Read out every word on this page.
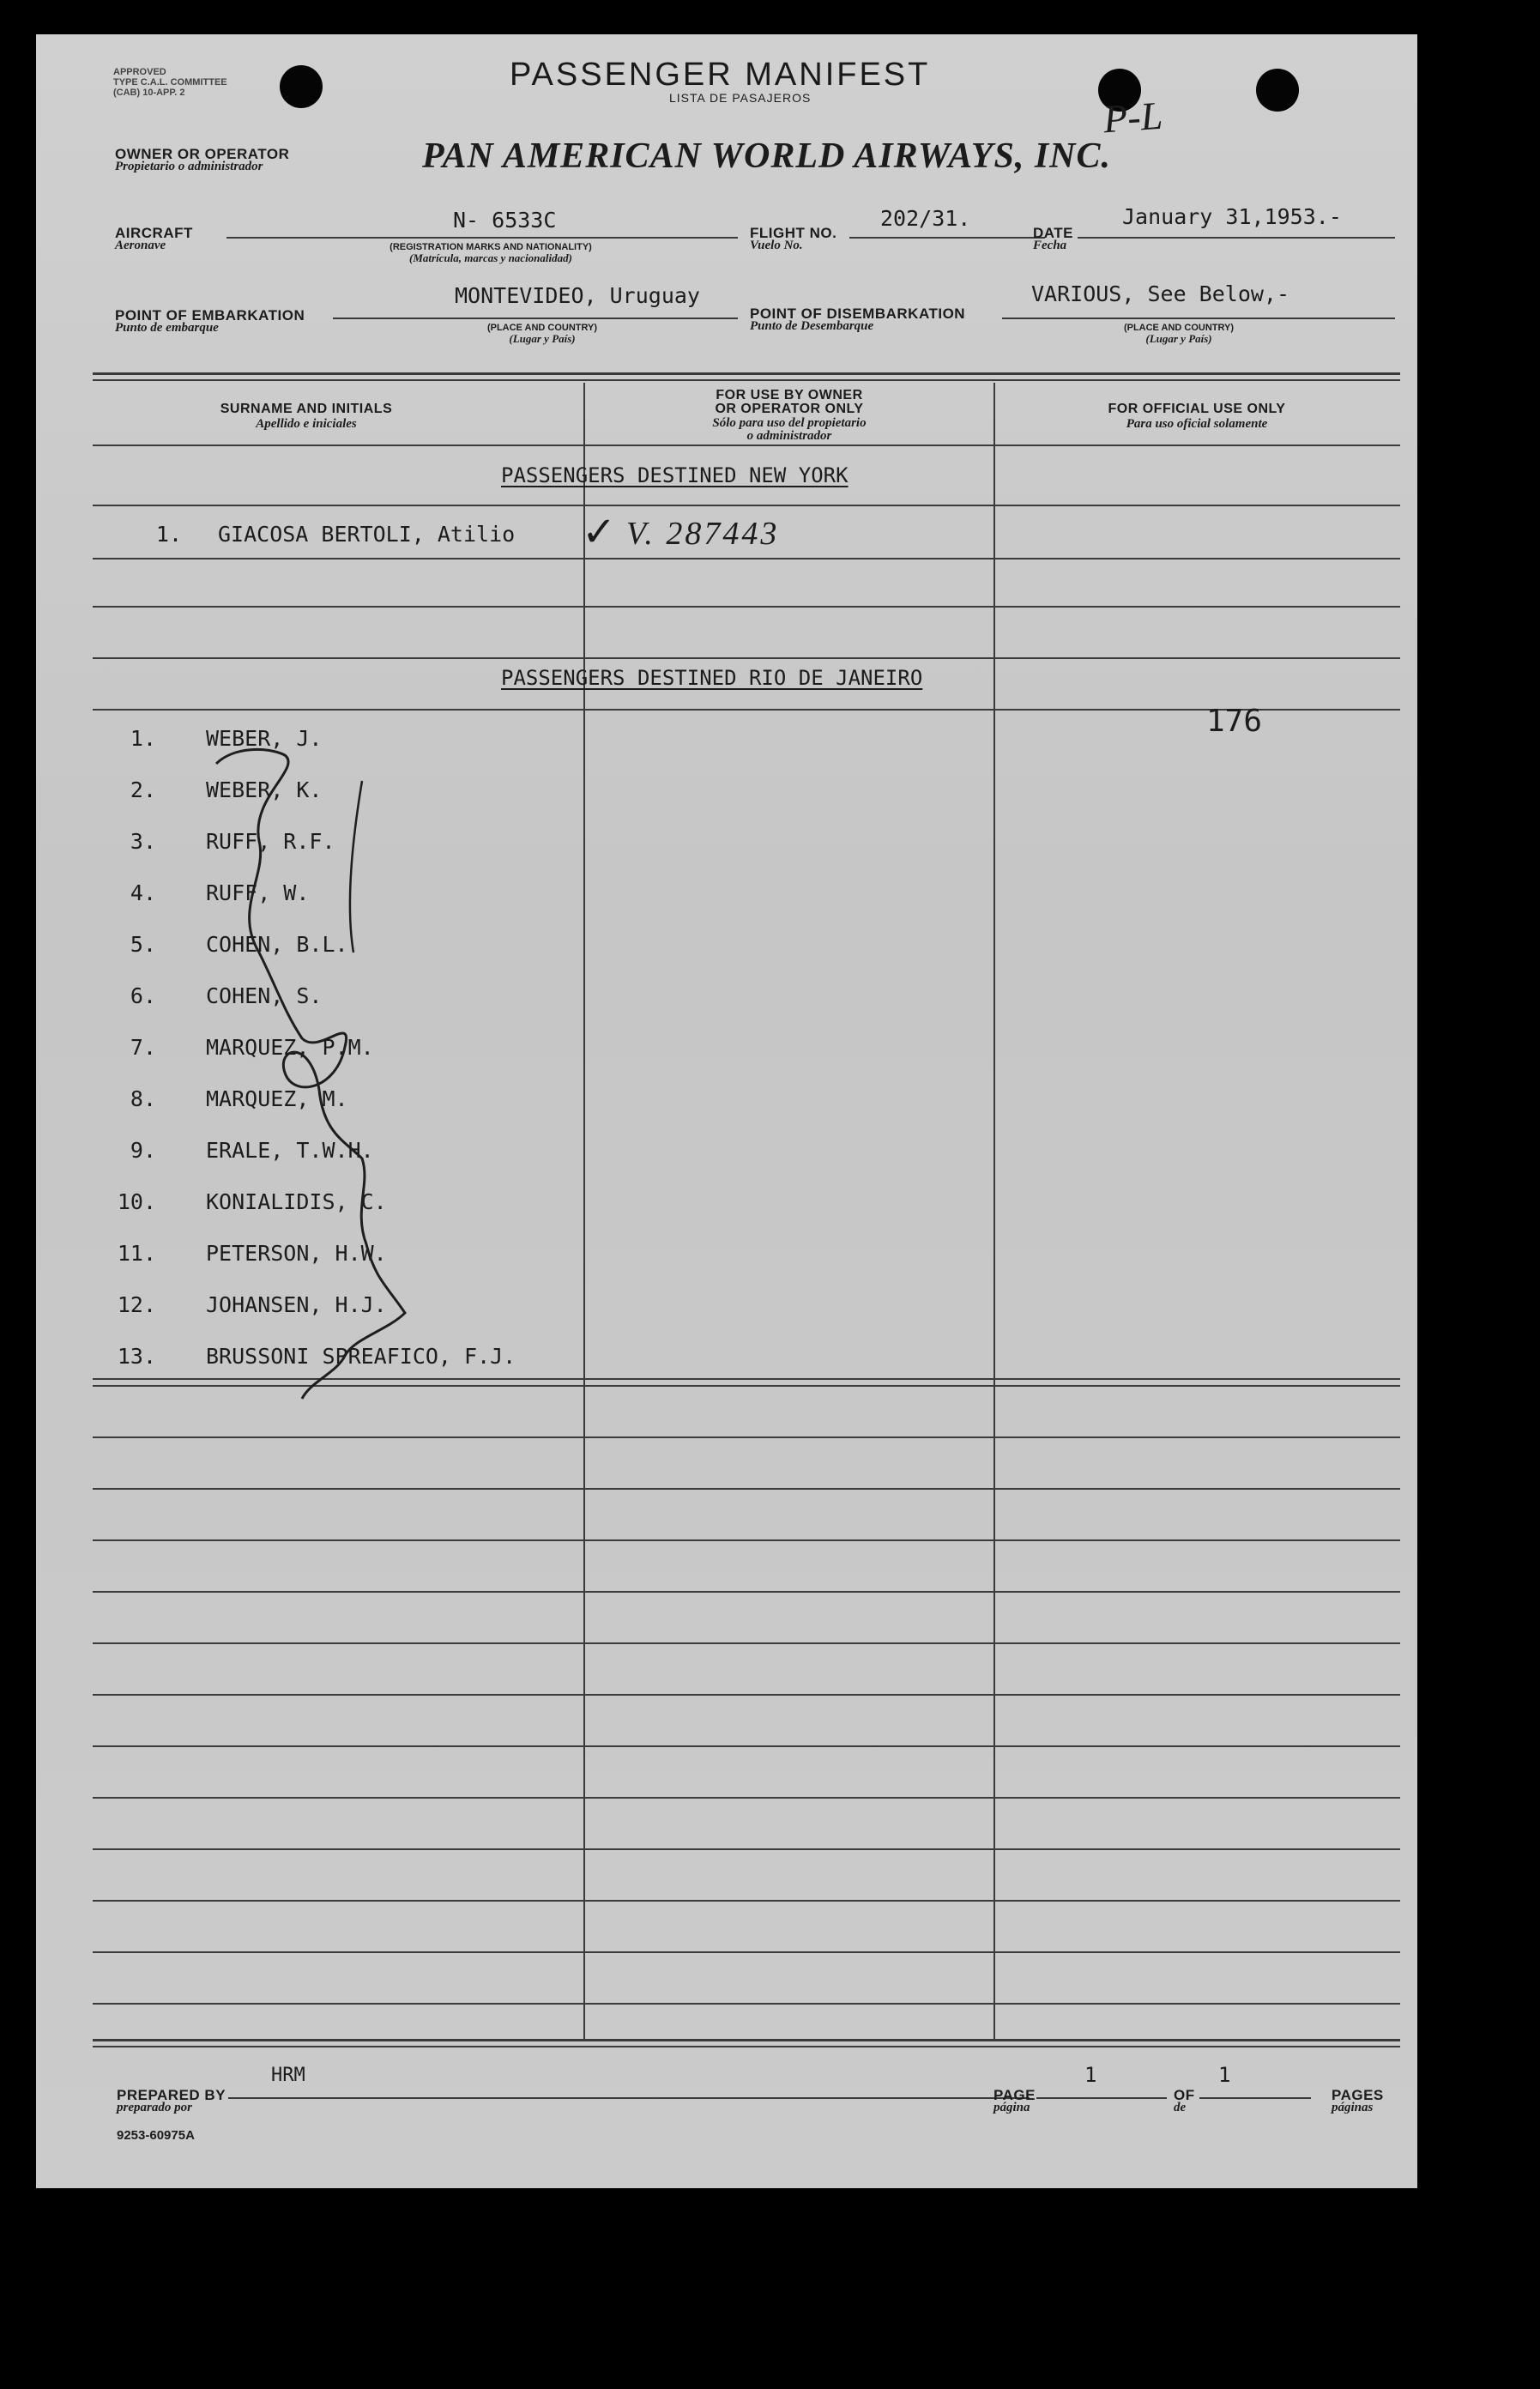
APPROVED
TYPE C.A.L. COMMITTEE
(CAB) 10-APP. 2	PASSENGER MANIFEST
LISTA DE PASAJEROS	P-L
OWNER OR OPERATOR
Propietario o administrador	PAN AMERICAN WORLD AIRWAYS, INC.
AIRCRAFT
Aeronave
N- 6533C
(REGISTRATION MARKS AND NATIONALITY)
(Matrícula, marcas y nacionalidad)
FLIGHT NO.
Vuelo No.
202/31.
DATE
Fecha
January 31,1953.-
POINT OF EMBARKATION
Punto de embarque
MONTEVIDEO, Uruguay
(PLACE AND COUNTRY)
(Lugar y País)
POINT OF DISEMBARKATION
Punto de Desembarque
VARIOUS, See Below,-
(PLACE AND COUNTRY)
(Lugar y País)
SURNAME AND INITIALS
Apellido e iniciales
FOR USE BY OWNER
OR OPERATOR ONLY
Sólo para uso del propietario
o administrador
FOR OFFICIAL USE ONLY
Para uso oficial solamente
PASSENGERS DESTINED NEW YORK
1. GIACOSA BERTOLI, Atilio ✓ V. 287443
PASSENGERS DESTINED RIO DE JANEIRO
176
1. WEBER, J.
2. WEBER, K.
3. RUFF, R.F.
4. RUFF, W.
5. COHEN, B.L.
6. COHEN, S.
7. MARQUEZ, P.M.
8. MARQUEZ, M.
9. ERALE, T.W.H.
10. KONIALIDIS, C.
11. PETERSON, H.W.
12. JOHANSEN, H.J.
13. BRUSSONI SPREAFICO, F.J.
HRM
PREPARED BY
preparado por
PAGE
página
1
OF
de
1
PAGES
páginas
9253-60975A
